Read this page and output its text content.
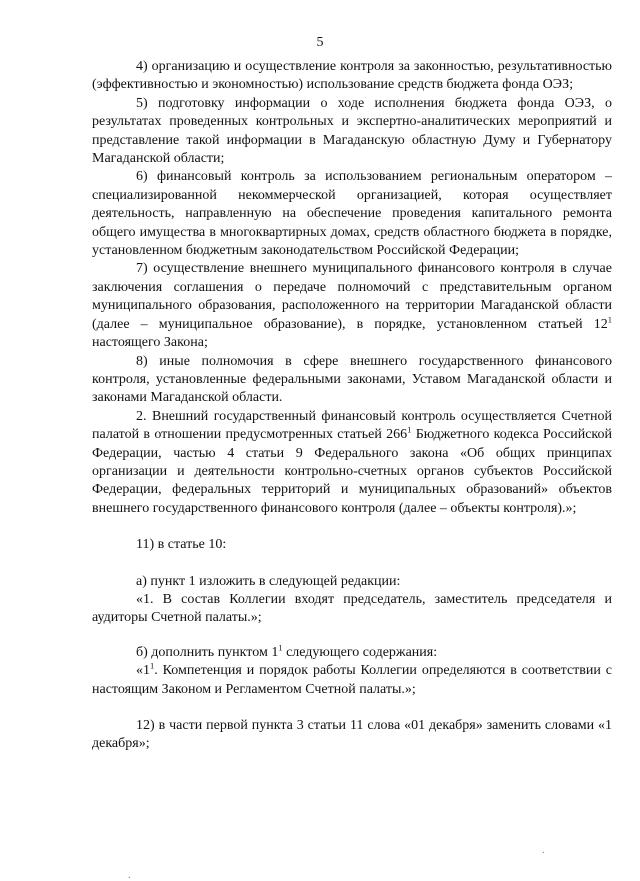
5

4) организацию и осуществление контроля за законностью, результативностью (эффективностью и экономностью) использование средств бюджета фонда ОЭЗ;

5) подготовку информации о ходе исполнения бюджета фонда ОЭЗ, о результатах проведенных контрольных и экспертно-аналитических мероприятий и представление такой информации в Магаданскую областную Думу и Губернатору Магаданской области;

6) финансовый контроль за использованием региональным оператором – специализированной некоммерческой организацией, которая осуществляет деятельность, направленную на обеспечение проведения капитального ремонта общего имущества в многоквартирных домах, средств областного бюджета в порядке, установленном бюджетным законодательством Российской Федерации;

7) осуществление внешнего муниципального финансового контроля в случае заключения соглашения о передаче полномочий с представительным органом муниципального образования, расположенного на территории Магаданской области (далее – муниципальное образование), в порядке, установленном статьей $12^1$ настоящего Закона;

8) иные полномочия в сфере внешнего государственного финансового контроля, установленные федеральными законами, Уставом Магаданской области и законами Магаданской области.

2. Внешний государственный финансовый контроль осуществляется Счетной палатой в отношении предусмотренных статьей $266^1$ Бюджетного кодекса Российской Федерации, частью 4 статьи 9 Федерального закона «Об общих принципах организации и деятельности контрольно-счетных органов субъектов Российской Федерации, федеральных территорий и муниципальных образований» объектов внешнего государственного финансового контроля (далее – объекты контроля).»;

11) в статье 10:

а) пункт 1 изложить в следующей редакции:

«1. В состав Коллегии входят председатель, заместитель председателя и аудиторы Счетной палаты.»;

б) дополнить пунктом $1^1$ следующего содержания:

«$1^1$. Компетенция и порядок работы Коллегии определяются в соответствии с настоящим Законом и Регламентом Счетной палаты.»;

12) в части первой пункта 3 статьи 11 слова «01 декабря» заменить словами «1 декабря»;

.
.
